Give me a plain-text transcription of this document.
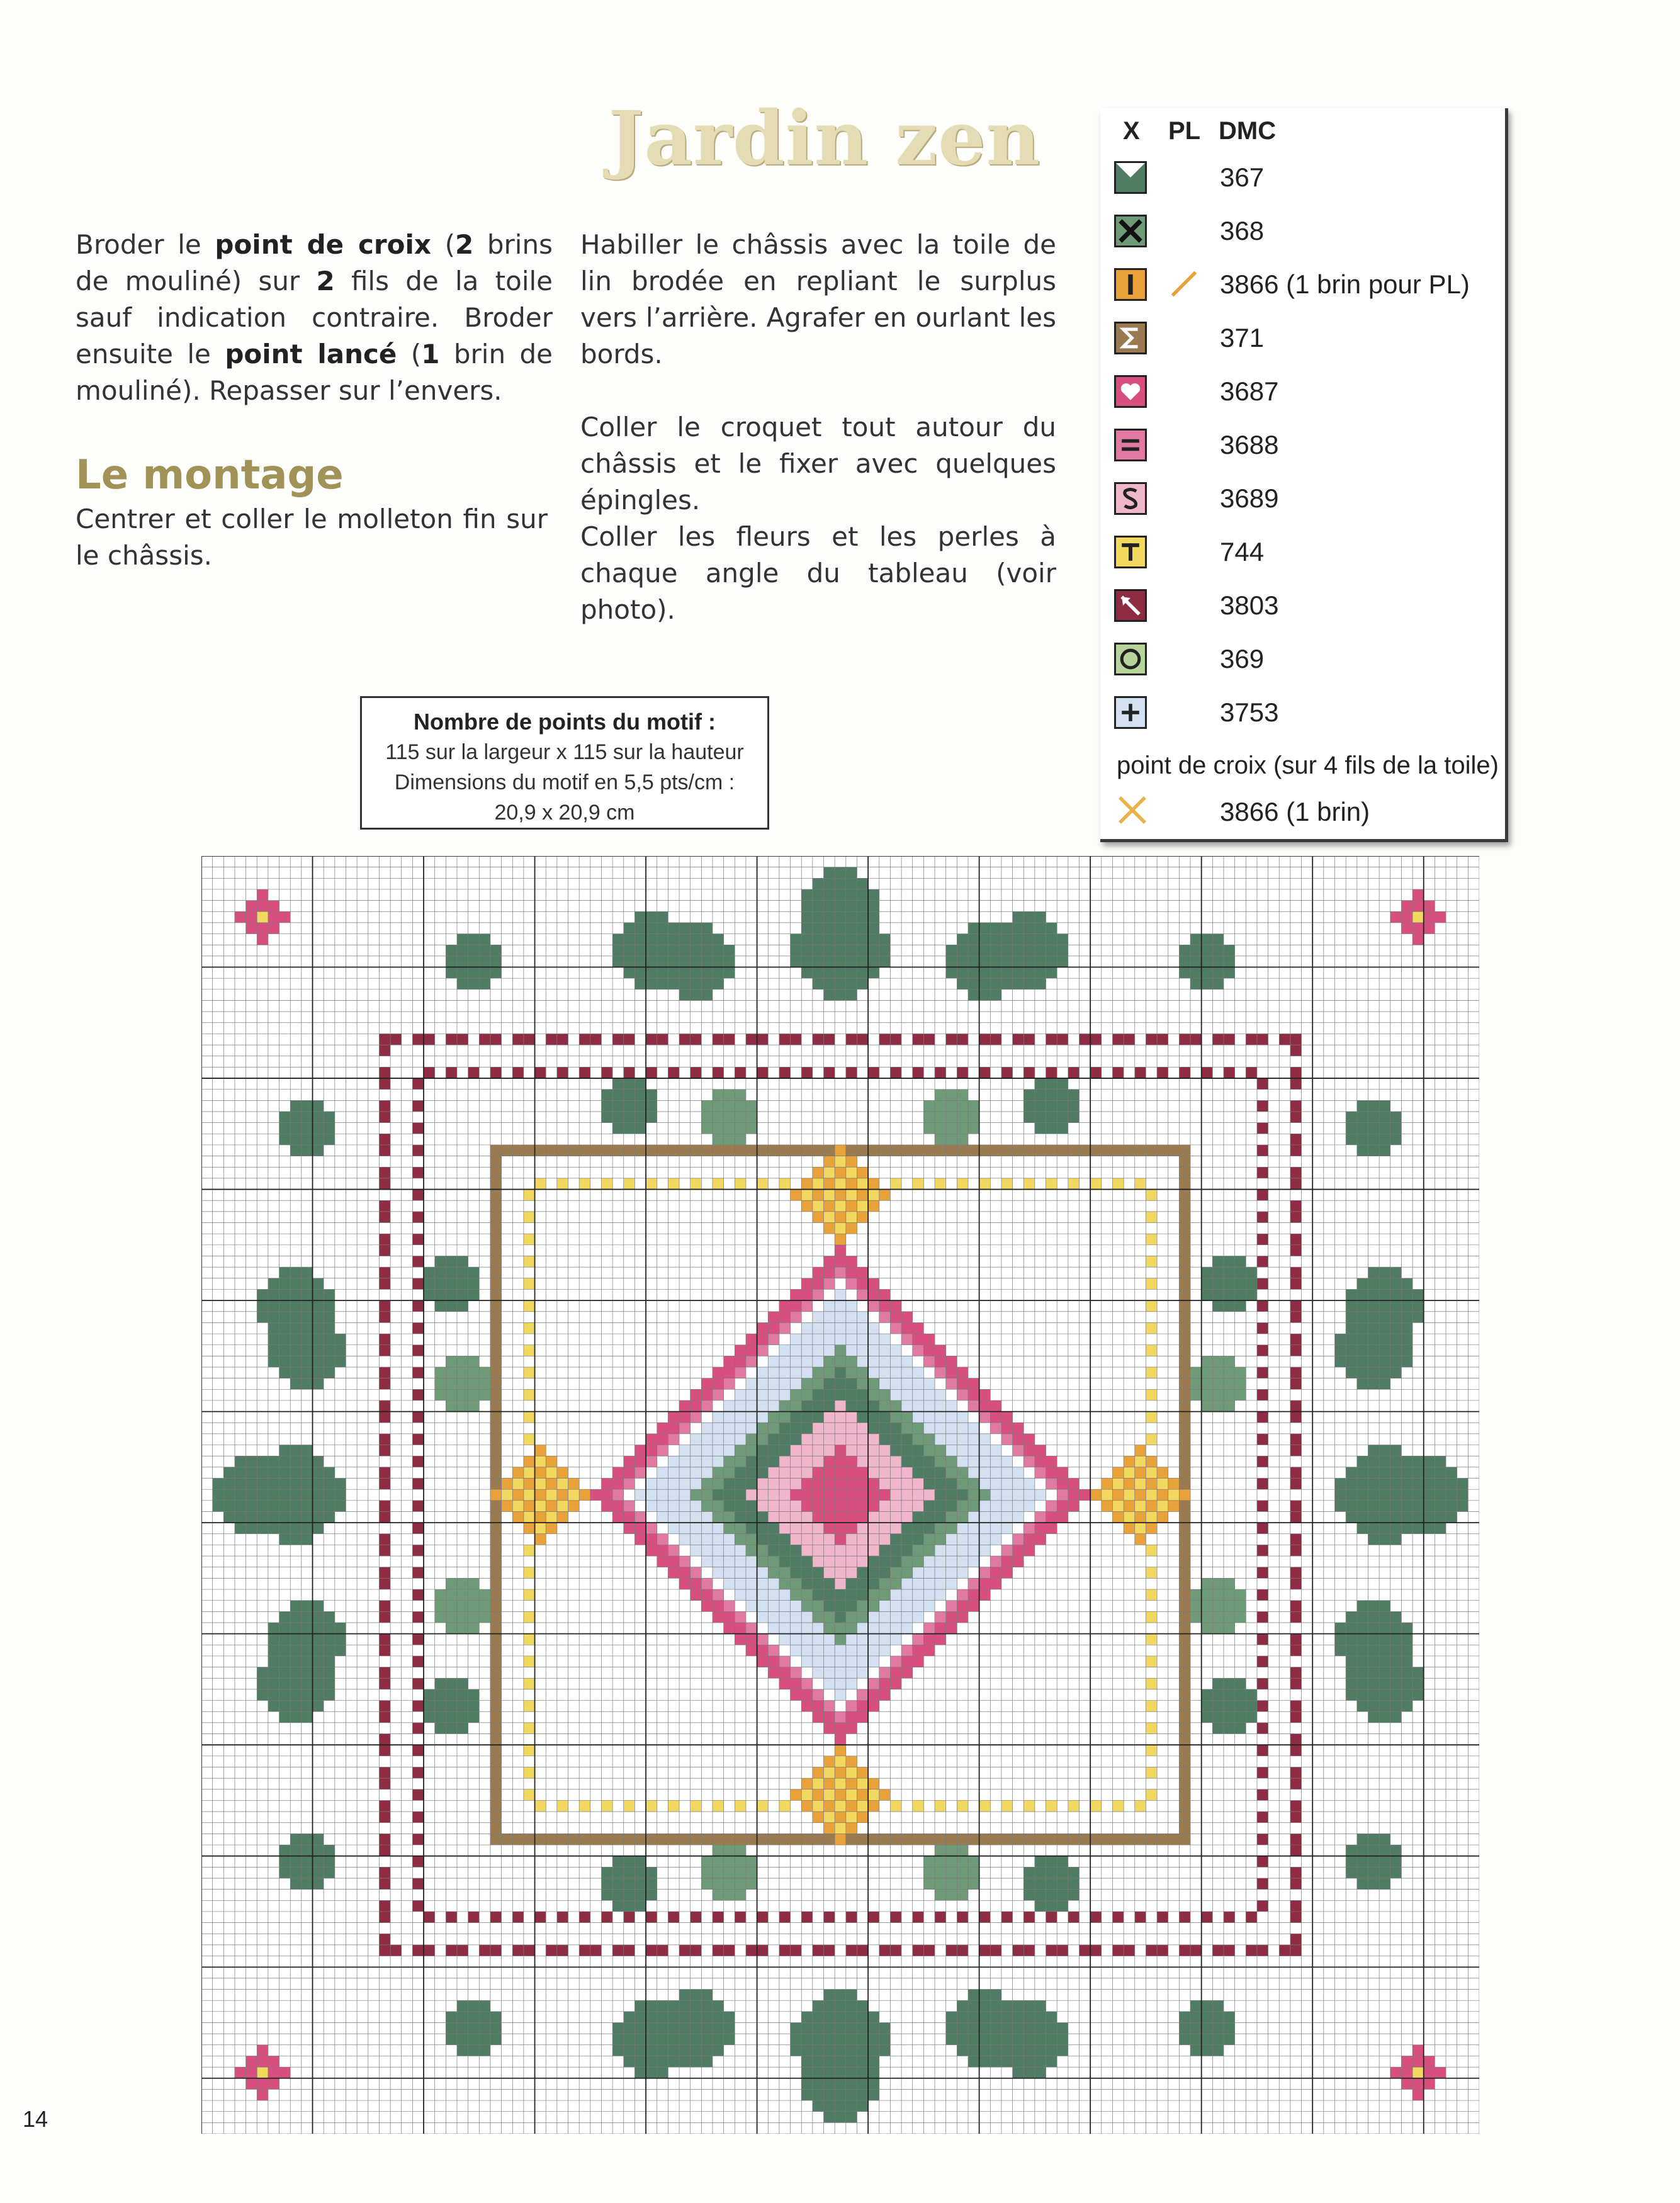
Jardin zen

Broder le point de croix (2 brins de mouliné) sur 2 fils de la toile sauf indication contraire. Broder ensuite le point lancé (1 brin de mouliné). Repasser sur l’envers.

Le montage

Centrer et coller le molleton fin sur le châssis.

Habiller le châssis avec la toile de lin brodée en repliant le surplus vers l’arrière. Agrafer en ourlant les bords.

Coller le croquet tout autour du châssis et le fixer avec quelques épingles.

Coller les fleurs et les perles à chaque angle du tableau (voir photo).

Nombre de points du motif :
115 sur la largeur x 115 sur la hauteur
Dimensions du motif en 5,5 pts/cm :
20,9 x 20,9 cm
X PL DMC
367
368
3866 (1 brin pour PL)
371
3687
3688
3689
744
3803
369
3753
point de croix (sur 4 fils de la toile)
3866 (1 brin)
14
